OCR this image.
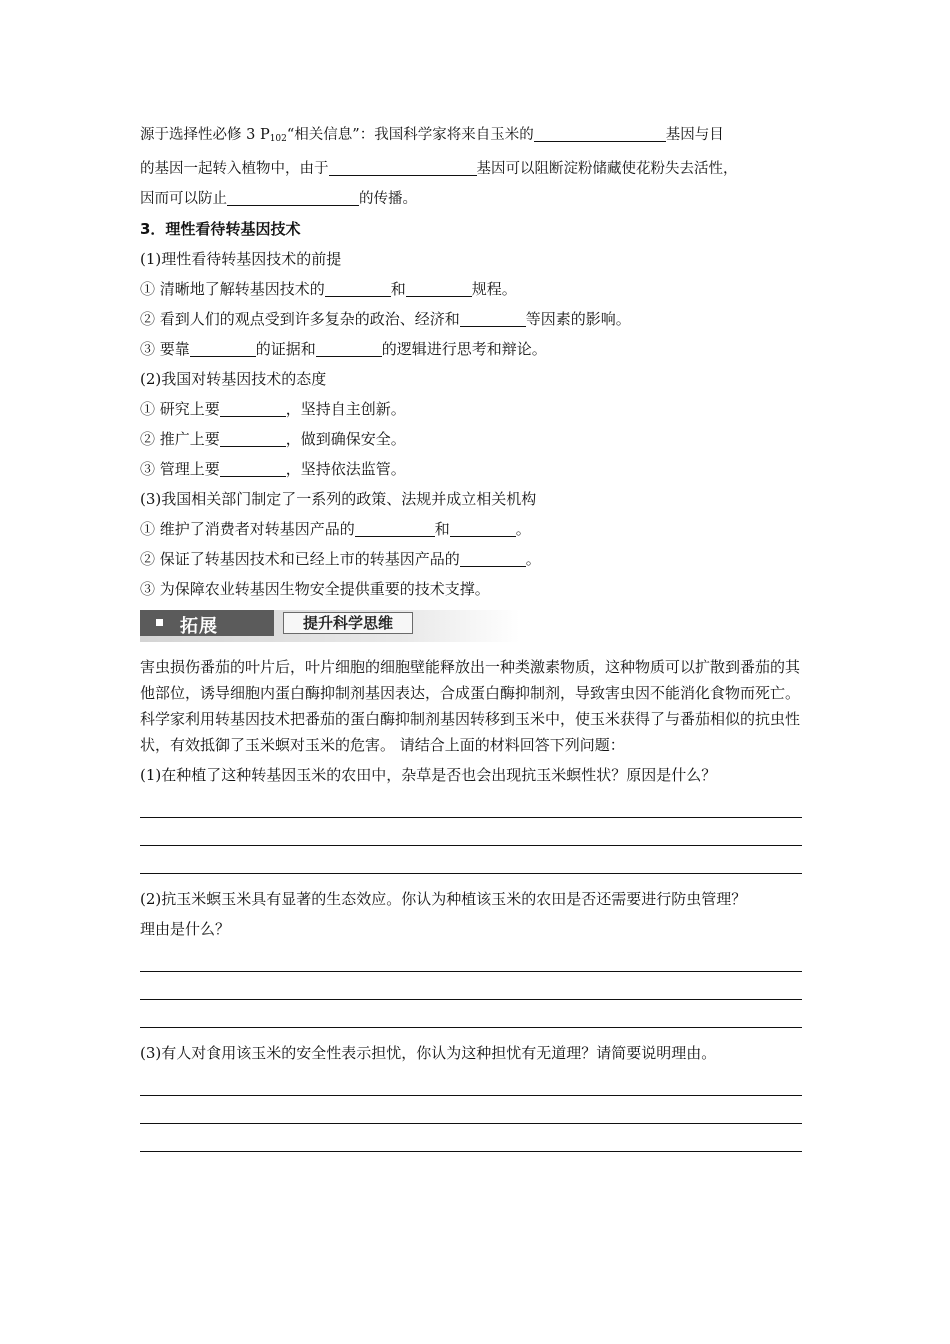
源于选择性必修 3 $P_{102}“$相关信息”：我国科学家将来自玉米的	基因与目
的基因一起转入植物中，由于	基因可以阻断淀粉储藏使花粉失去活性，
因而可以防止	的传播。
3．理性看待转基因技术
(1)理性看待转基因技术的前提
① 清晰地了解转基因技术的	和	规程。
② 看到人们的观点受到许多复杂的政治、经济和	等因素的影响。
③ 要靠	的证据和	的逻辑进行思考和辩论。
(2)我国对转基因技术的态度
① 研究上要	，坚持自主创新。
② 推广上要	，做到确保安全。
③ 管理上要	，坚持依法监管。
(3)我国相关部门制定了一系列的政策、法规并成立相关机构
① 维护了消费者对转基因产品的	和	。
② 保证了转基因技术和已经上市的转基因产品的	。
③ 为保障农业转基因生物安全提供重要的技术支撑。
拓展	提升科学思维
害虫损伤番茄的叶片后，叶片细胞的细胞壁能释放出一种类激素物质，这种物质可以扩散到番茄的其他部位，诱导细胞内蛋白酶抑制剂基因表达，合成蛋白酶抑制剂，导致害虫因不能消化食物而死亡。科学家利用转基因技术把番茄的蛋白酶抑制剂基因转移到玉米中，使玉米获得了与番茄相似的抗虫性状，有效抵御了玉米螟对玉米的危害。 请结合上面的材料回答下列问题：
(1)在种植了这种转基因玉米的农田中，杂草是否也会出现抗玉米螟性状？原因是什么？
(2)抗玉米螟玉米具有显著的生态效应。你认为种植该玉米的农田是否还需要进行防虫管理？
理由是什么？
(3)有人对食用该玉米的安全性表示担忧，你认为这种担忧有无道理？请简要说明理由。
